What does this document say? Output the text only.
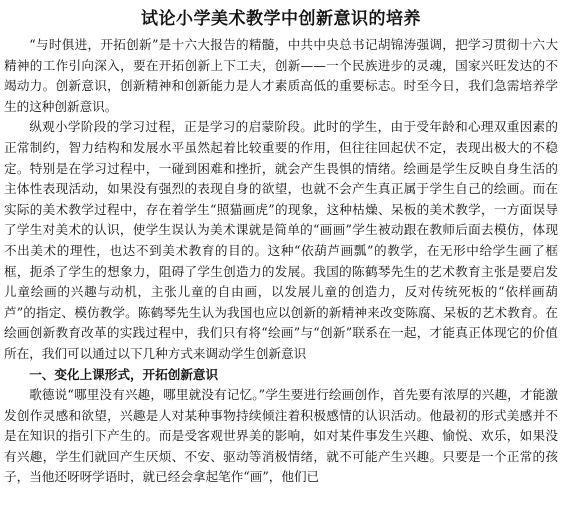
试论小学美术教学中创新意识的培养

“与时俱进，开拓创新”是十六大报告的精髓，中共中央总书记胡锦涛强调，把学习贯彻十六大精神的工作引向深入，要在开拓创新上下工夫，创新——一个民族进步的灵魂，国家兴旺发达的不竭动力。创新意识，创新精神和创新能力是人才素质高低的重要标志。时至今日，我们急需培养学生的这种创新意识。

纵观小学阶段的学习过程，正是学习的启蒙阶段。此时的学生，由于受年龄和心理双重因素的正常制约，智力结构和发展水平虽然起着比较重要的作用，但往往回起伏不定，表现出极大的不稳定。特别是在学习过程中，一碰到困难和挫折，就会产生畏惧的情绪。绘画是学生反映自身生活的主体性表现活动，如果没有强烈的表现自身的欲望，也就不会产生真正属于学生自己的绘画。而在实际的美术教学过程中，存在着学生“照猫画虎”的现象，这种枯燥、呆板的美术教学，一方面误导了学生对美术的认识，使学生误认为美术课就是简单的“画画”学生被动跟在教师后面去模仿，体现不出美术的理性，也达不到美术教育的目的。这种“依葫芦画瓢”的教学，在无形中给学生画了框框，扼杀了学生的想象力，阻碍了学生创造力的发展。我国的陈鹤琴先生的艺术教育主张是要启发儿童绘画的兴趣与动机，主张儿童的自由画，以发展儿童的创造力，反对传统死板的“依样画葫芦”的指定、模仿教学。陈鹤琴先生认为我国也应以创新的新精神来改变陈腐、呆板的艺术教育。在绘画创新教育改革的实践过程中，我们只有将“绘画”与“创新”联系在一起，才能真正体现它的价值所在，我们可以通过以下几种方式来调动学生创新意识

一、变化上课形式，开拓创新意识

歌德说“哪里没有兴趣，哪里就没有记忆。”学生要进行绘画创作，首先要有浓厚的兴趣，才能激发创作灵感和欲望，兴趣是人对某种事物持续倾注着积极感情的认识活动。他最初的形式美感并不是在知识的指引下产生的。而是受客观世界美的影响，如对某件事发生兴趣、愉悦、欢乐，如果没有兴趣，学生们就回产生厌烦、不安、驱动等消极情绪，就不可能产生兴趣。只要是一个正常的孩子，当他还呀呀学语时，就已经会拿起笔作“画”，他们已
